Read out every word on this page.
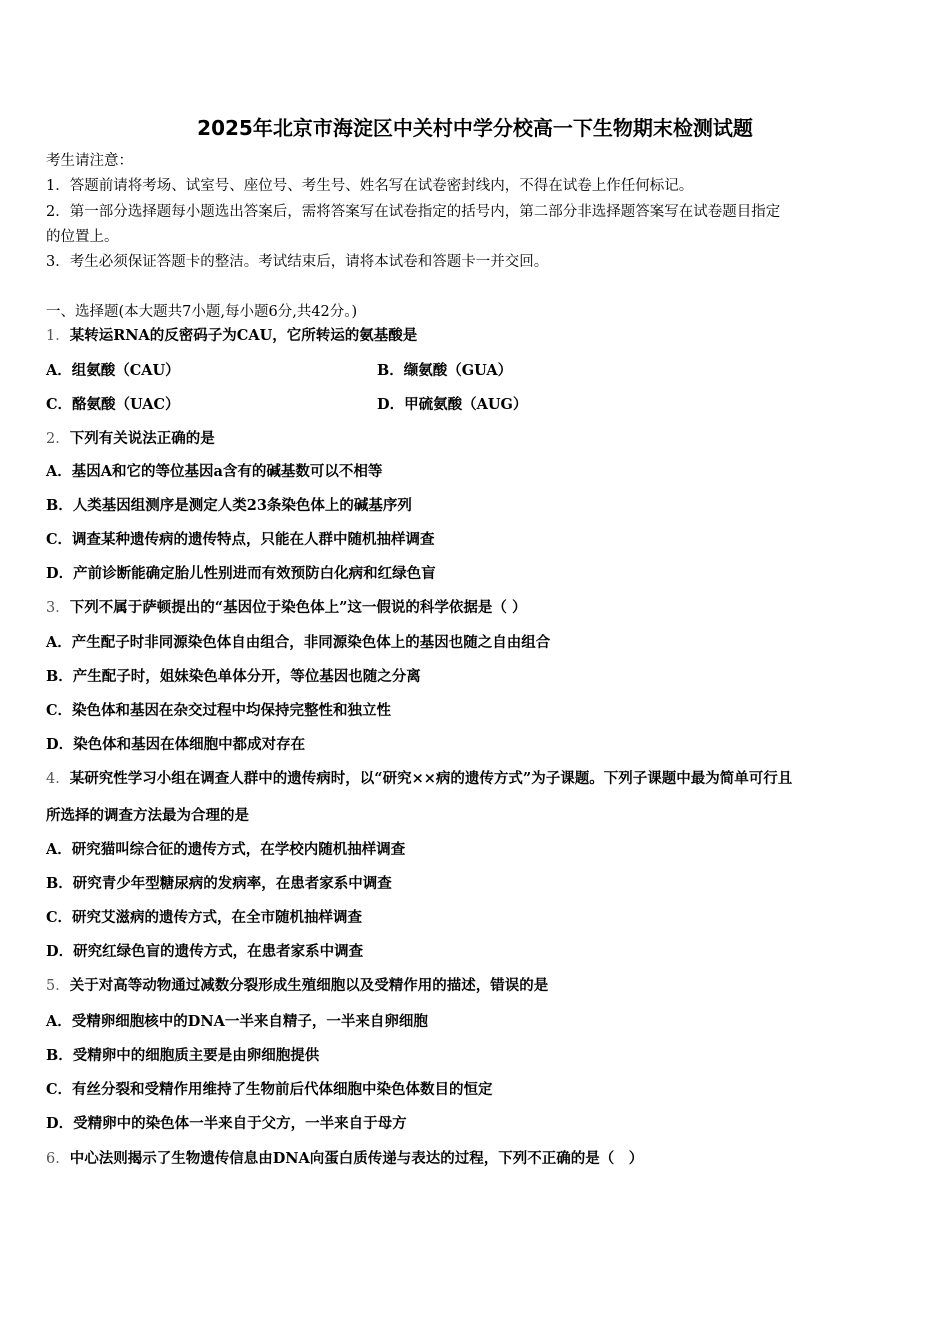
2025年北京市海淀区中关村中学分校高一下生物期末检测试题
考生请注意：
1．答题前请将考场、试室号、座位号、考生号、姓名写在试卷密封线内，不得在试卷上作任何标记。
2．第一部分选择题每小题选出答案后，需将答案写在试卷指定的括号内，第二部分非选择题答案写在试卷题目指定
的位置上。
3．考生必须保证答题卡的整洁。考试结束后，请将本试卷和答题卡一并交回。
一、选择题(本大题共7小题,每小题6分,共42分。)
1．某转运RNA的反密码子为CAU，它所转运的氨基酸是
A．组氨酸（CAU）	B．缬氨酸（GUA）
C．酪氨酸（UAC）	D．甲硫氨酸（AUG）
2．下列有关说法正确的是
A．基因A和它的等位基因a含有的碱基数可以不相等
B．人类基因组测序是测定人类23条染色体上的碱基序列
C．调查某种遗传病的遗传特点，只能在人群中随机抽样调查
D．产前诊断能确定胎儿性别进而有效预防白化病和红绿色盲
3．下列不属于萨顿提出的“基因位于染色体上”这一假说的科学依据是（ ）
A．产生配子时非同源染色体自由组合，非同源染色体上的基因也随之自由组合
B．产生配子时，姐妹染色单体分开，等位基因也随之分离
C．染色体和基因在杂交过程中均保持完整性和独立性
D．染色体和基因在体细胞中都成对存在
4．某研究性学习小组在调查人群中的遗传病时，以“研究××病的遗传方式”为子课题。下列子课题中最为简单可行且
所选择的调查方法最为合理的是
A．研究猫叫综合征的遗传方式，在学校内随机抽样调查
B．研究青少年型糖尿病的发病率，在患者家系中调查
C．研究艾滋病的遗传方式，在全市随机抽样调查
D．研究红绿色盲的遗传方式，在患者家系中调查
5．关于对高等动物通过减数分裂形成生殖细胞以及受精作用的描述，错误的是
A．受精卵细胞核中的DNA一半来自精子，一半来自卵细胞
B．受精卵中的细胞质主要是由卵细胞提供
C．有丝分裂和受精作用维持了生物前后代体细胞中染色体数目的恒定
D．受精卵中的染色体一半来自于父方，一半来自于母方
6．中心法则揭示了生物遗传信息由DNA向蛋白质传递与表达的过程，下列不正确的是（　）
